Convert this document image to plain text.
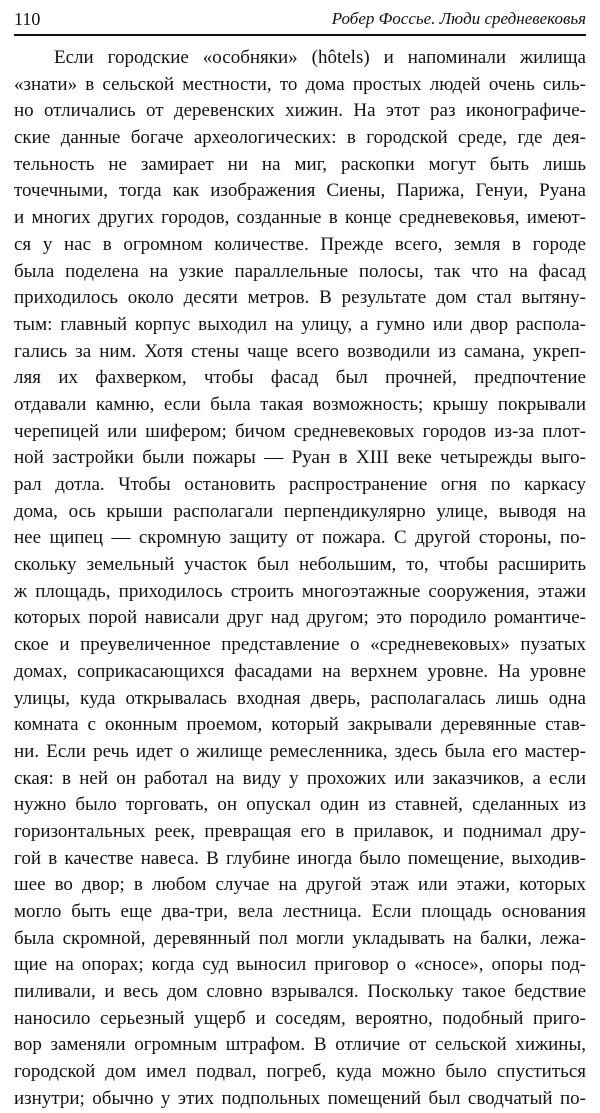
110	Робер Фоссье. Люди средневековья
Если городские «особняки» (hôtels) и напоминали жилища
«знати» в сельской местности, то дома простых людей очень силь-
но отличались от деревенских хижин. На этот раз иконографиче-
ские данные богаче археологических: в городской среде, где дея-
тельность не замирает ни на миг, раскопки могут быть лишь
точечными, тогда как изображения Сиены, Парижа, Генуи, Руана
и многих других городов, созданные в конце средневековья, имеют-
ся у нас в огромном количестве. Прежде всего, земля в городе
была поделена на узкие параллельные полосы, так что на фасад
приходилось около десяти метров. В результате дом стал вытяну-
тым: главный корпус выходил на улицу, а гумно или двор распола-
гались за ним. Хотя стены чаще всего возводили из самана, укреп-
ляя их фахверком, чтобы фасад был прочней, предпочтение
отдавали камню, если была такая возможность; крышу покрывали
черепицей или шифером; бичом средневековых городов из-за плот-
ной застройки были пожары — Руан в XIII веке четырежды выго-
рал дотла. Чтобы остановить распространение огня по каркасу
дома, ось крыши располагали перпендикулярно улице, выводя на
нее щипец — скромную защиту от пожара. С другой стороны, по-
скольку земельный участок был небольшим, то, чтобы расширить
ж площадь, приходилось строить многоэтажные сооружения, этажи
которых порой нависали друг над другом; это породило романтиче-
ское и преувеличенное представление о «средневековых» пузатых
домах, соприкасающихся фасадами на верхнем уровне. На уровне
улицы, куда открывалась входная дверь, располагалась лишь одна
комната с оконным проемом, который закрывали деревянные став-
ни. Если речь идет о жилище ремесленника, здесь была его мастер-
ская: в ней он работал на виду у прохожих или заказчиков, а если
нужно было торговать, он опускал один из ставней, сделанных из
горизонтальных реек, превращая его в прилавок, и поднимал дру-
гой в качестве навеса. В глубине иногда было помещение, выходив-
шее во двор; в любом случае на другой этаж или этажи, которых
могло быть еще два-три, вела лестница. Если площадь основания
была скромной, деревянный пол могли укладывать на балки, лежа-
щие на опорах; когда суд выносил приговор о «сносе», опоры под-
пиливали, и весь дом словно взрывался. Поскольку такое бедствие
наносило серьезный ущерб и соседям, вероятно, подобный приго-
вор заменяли огромным штрафом. В отличие от сельской хижины,
городской дом имел подвал, погреб, куда можно было спуститься
изнутри; обычно у этих подпольных помещений был сводчатый по-
